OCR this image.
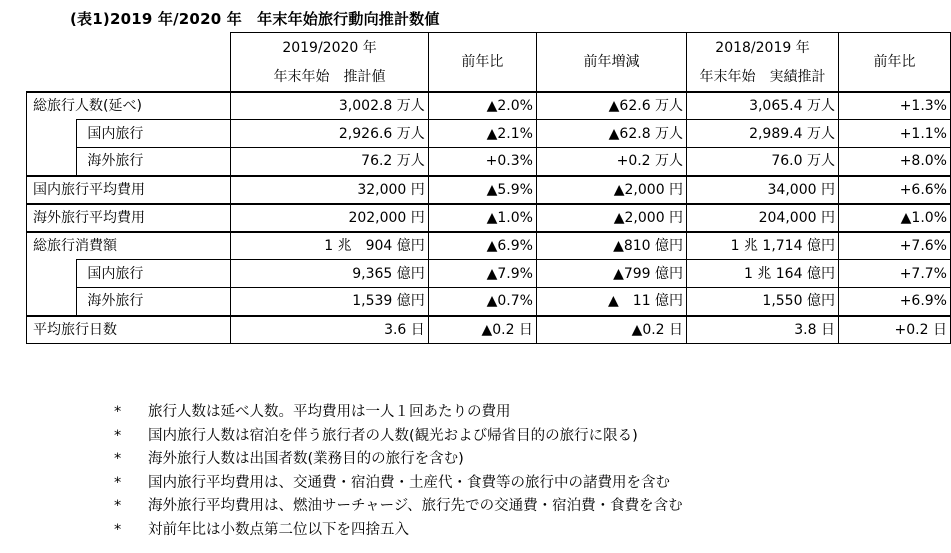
(表1)2019 年/2020 年　年末年始旅行動向推計数値
		2019/2020 年	前年比	前年増減	2018/2019 年	前年比
		年末年始　推計値			年末年始　実績推計	
総旅行人数(延べ)		3,002.8 万人	▲2.0%	▲62.6 万人	3,065.4 万人	+1.3%
	国内旅行	2,926.6 万人	▲2.1%	▲62.8 万人	2,989.4 万人	+1.1%
	海外旅行	76.2 万人	+0.3%	+0.2 万人	76.0 万人	+8.0%
国内旅行平均費用		32,000 円	▲5.9%	▲2,000 円	34,000 円	+6.6%
海外旅行平均費用		202,000 円	▲1.0%	▲2,000 円	204,000 円	▲1.0%
総旅行消費額		1 兆　904 億円	▲6.9%	▲810 億円	1 兆 1,714 億円	+7.6%
	国内旅行	9,365 億円	▲7.9%	▲799 億円	1 兆 164 億円	+7.7%
	海外旅行	1,539 億円	▲0.7%	▲　11 億円	1,550 億円	+6.9%
平均旅行日数		3.6 日	▲0.2 日	▲0.2 日	3.8 日	+0.2 日
*	旅行人数は延べ人数。平均費用は一人１回あたりの費用
*	国内旅行人数は宿泊を伴う旅行者の人数(観光および帰省目的の旅行に限る)
*	海外旅行人数は出国者数(業務目的の旅行を含む)
*	国内旅行平均費用は、交通費・宿泊費・土産代・食費等の旅行中の諸費用を含む
*	海外旅行平均費用は、燃油サーチャージ、旅行先での交通費・宿泊費・食費を含む
*	対前年比は小数点第二位以下を四捨五入
